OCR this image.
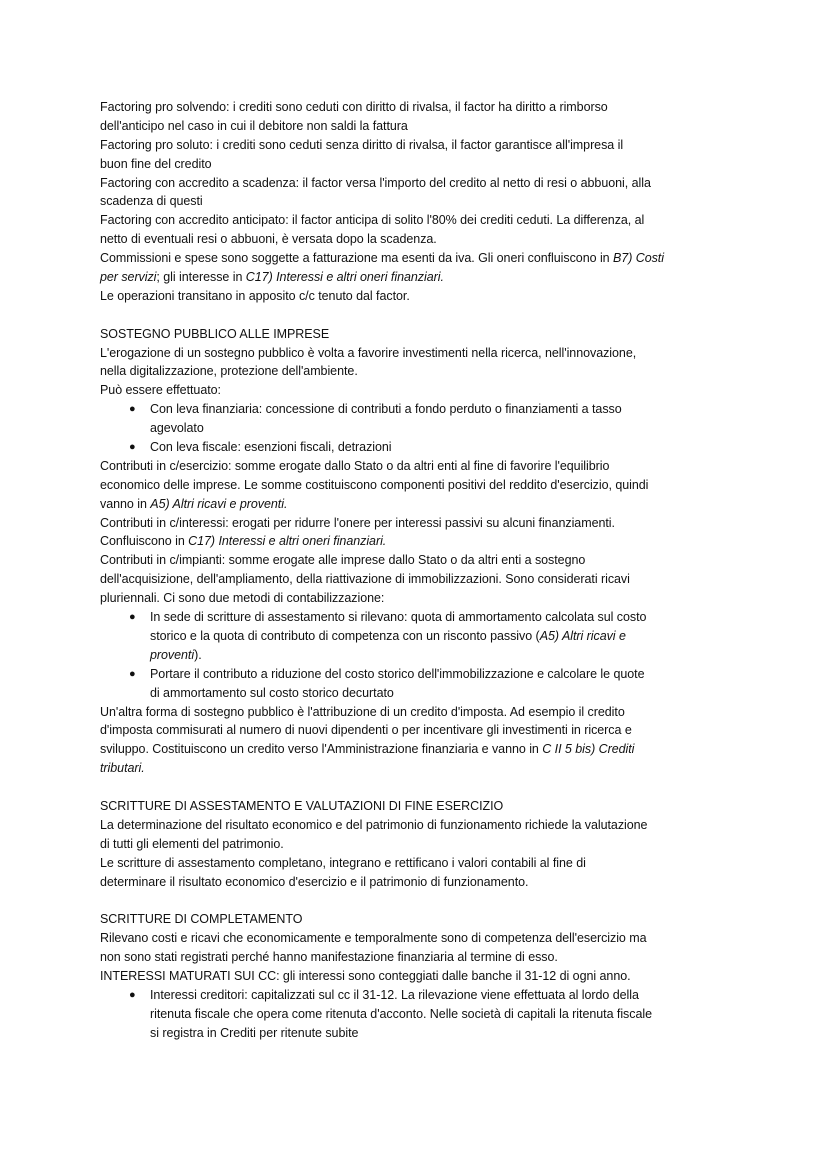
Factoring pro solvendo: i crediti sono ceduti con diritto di rivalsa, il factor ha diritto a rimborso
dell'anticipo nel caso in cui il debitore non saldi la fattura
Factoring pro soluto: i crediti sono ceduti senza diritto di rivalsa, il factor garantisce all'impresa il
buon fine del credito
Factoring con accredito a scadenza: il factor versa l'importo del credito al netto di resi o abbuoni, alla
scadenza di questi
Factoring con accredito anticipato: il factor anticipa di solito l'80% dei crediti ceduti. La differenza, al
netto di eventuali resi o abbuoni, è versata dopo la scadenza.
Commissioni e spese sono soggette a fatturazione ma esenti da iva. Gli oneri confluiscono in B7) Costi
per servizi; gli interesse in C17) Interessi e altri oneri finanziari.
Le operazioni transitano in apposito c/c tenuto dal factor.
SOSTEGNO PUBBLICO ALLE IMPRESE
L'erogazione di un sostegno pubblico è volta a favorire investimenti nella ricerca, nell'innovazione,
nella digitalizzazione, protezione dell'ambiente.
Può essere effettuato:
● Con leva finanziaria: concessione di contributi a fondo perduto o finanziamenti a tasso
agevolato
● Con leva fiscale: esenzioni fiscali, detrazioni
Contributi in c/esercizio: somme erogate dallo Stato o da altri enti al fine di favorire l'equilibrio
economico delle imprese. Le somme costituiscono componenti positivi del reddito d'esercizio, quindi
vanno in A5) Altri ricavi e proventi.
Contributi in c/interessi: erogati per ridurre l'onere per interessi passivi su alcuni finanziamenti.
Confluiscono in C17) Interessi e altri oneri finanziari.
Contributi in c/impianti: somme erogate alle imprese dallo Stato o da altri enti a sostegno
dell'acquisizione, dell'ampliamento, della riattivazione di immobilizzazioni. Sono considerati ricavi
pluriennali. Ci sono due metodi di contabilizzazione:
● In sede di scritture di assestamento si rilevano: quota di ammortamento calcolata sul costo
storico e la quota di contributo di competenza con un risconto passivo (A5) Altri ricavi e
proventi).
● Portare il contributo a riduzione del costo storico dell'immobilizzazione e calcolare le quote
di ammortamento sul costo storico decurtato
Un'altra forma di sostegno pubblico è l'attribuzione di un credito d'imposta. Ad esempio il credito
d'imposta commisurati al numero di nuovi dipendenti o per incentivare gli investimenti in ricerca e
sviluppo. Costituiscono un credito verso l'Amministrazione finanziaria e vanno in C II 5 bis) Crediti
tributari.
SCRITTURE DI ASSESTAMENTO E VALUTAZIONI DI FINE ESERCIZIO
La determinazione del risultato economico e del patrimonio di funzionamento richiede la valutazione
di tutti gli elementi del patrimonio.
Le scritture di assestamento completano, integrano e rettificano i valori contabili al fine di
determinare il risultato economico d'esercizio e il patrimonio di funzionamento.
SCRITTURE DI COMPLETAMENTO
Rilevano costi e ricavi che economicamente e temporalmente sono di competenza dell'esercizio ma
non sono stati registrati perché hanno manifestazione finanziaria al termine di esso.
INTERESSI MATURATI SUI CC: gli interessi sono conteggiati dalle banche il 31-12 di ogni anno.
● Interessi creditori: capitalizzati sul cc il 31-12. La rilevazione viene effettuata al lordo della
ritenuta fiscale che opera come ritenuta d'acconto. Nelle società di capitali la ritenuta fiscale
si registra in Crediti per ritenute subite
